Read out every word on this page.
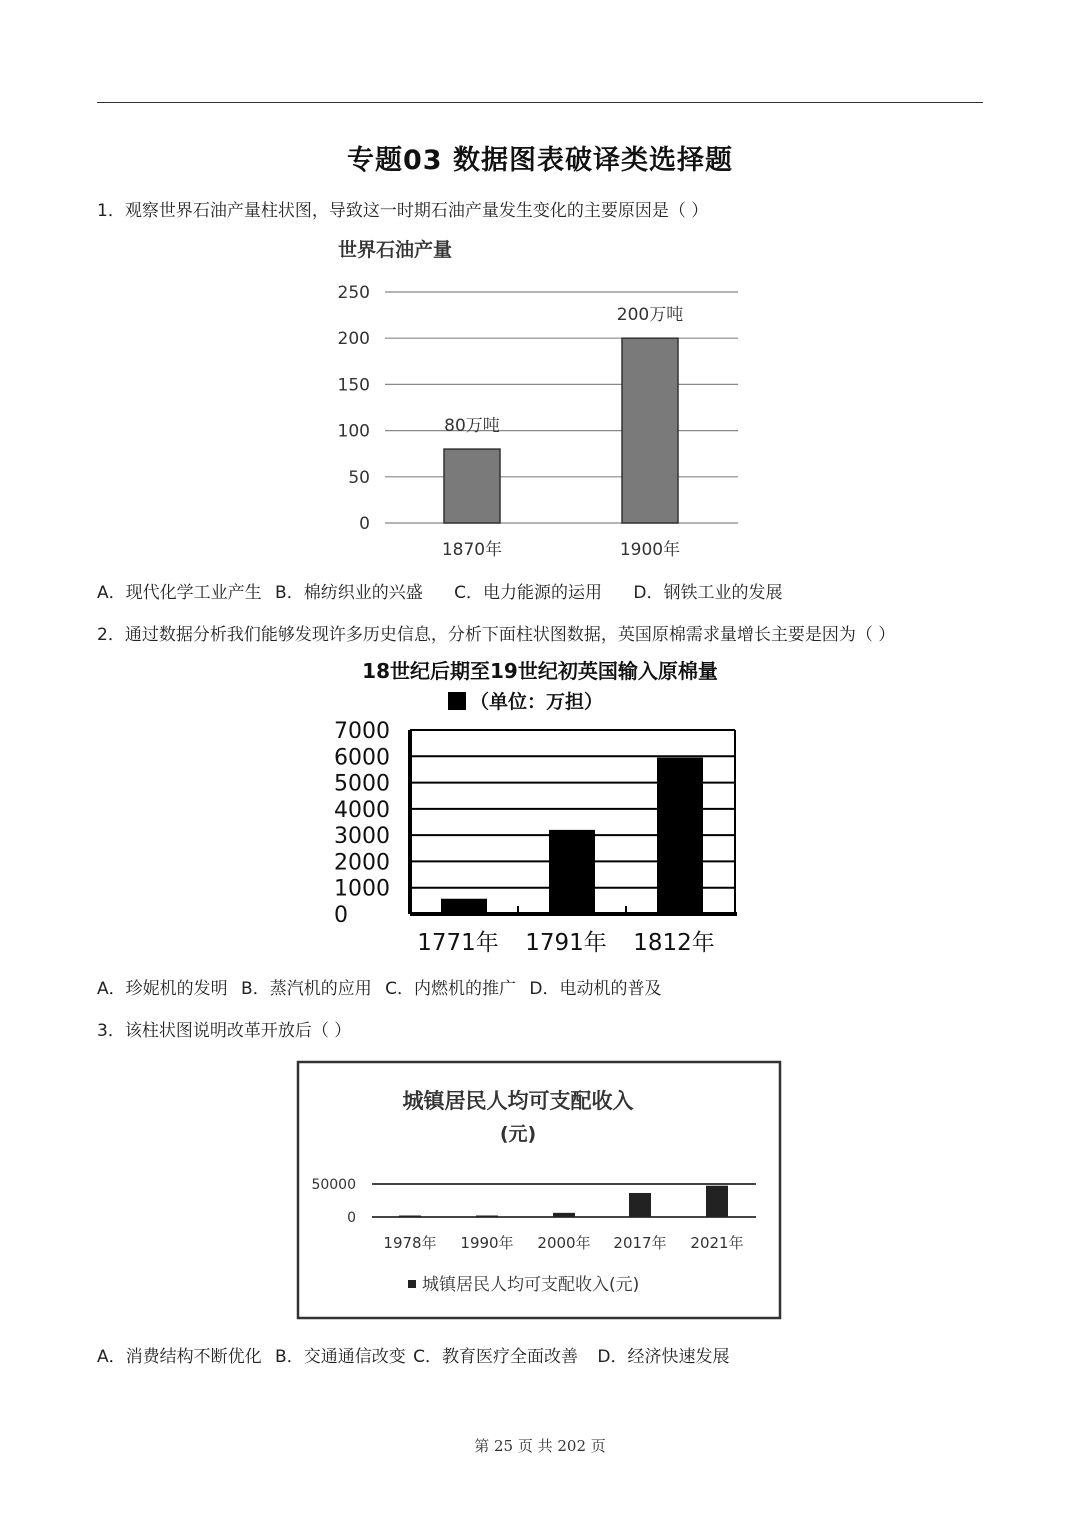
专题03 数据图表破译类选择题
1．观察世界石油产量柱状图，导致这一时期石油产量发生变化的主要原因是（ ）
世界石油产量
0
50
100
150
200
250
80万吨
1870年
200万吨
1900年
A．现代化学工业产生 B．棉纺织业的兴盛 C．电力能源的运用 D．钢铁工业的发展
2．通过数据分析我们能够发现许多历史信息，分析下面柱状图数据，英国原棉需求量增长主要是因为（ ）
18世纪后期至19世纪初英国输入原棉量
（单位：万担）
0
1000
2000
3000
4000
5000
6000
7000
1771年 1791年 1812年
A．珍妮机的发明 B．蒸汽机的应用 C．内燃机的推广 D．电动机的普及
3．该柱状图说明改革开放后（ ）
城镇居民人均可支配收入
(元)
0
50000
1978年 1990年 2000年 2017年 2021年
城镇居民人均可支配收入(元)
A．消费结构不断优化 B．交通通信改变 C．教育医疗全面改善 D．经济快速发展
第 25 页 共 202 页
